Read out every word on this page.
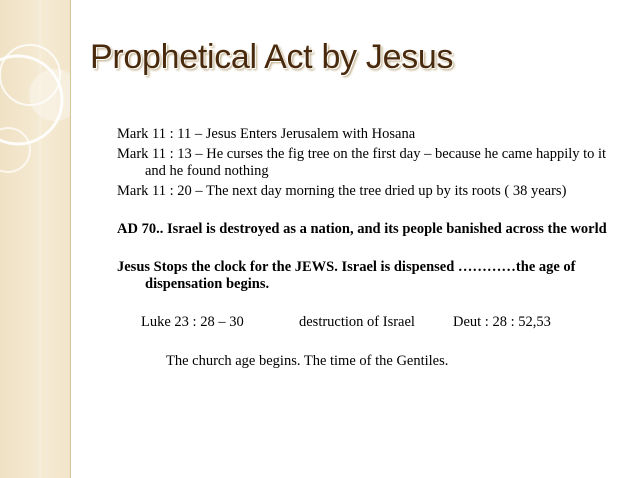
Prophetical Act by Jesus

Mark 11 : 11 – Jesus Enters Jerusalem with Hosana

Mark 11 : 13 – He curses the fig tree on the first day – because he came happily to it and he found nothing

Mark 11 : 20 – The next day morning the tree dried up by its roots ( 38 years)

AD 70.. Israel is destroyed as a nation, and its people banished across the world

Jesus Stops the clock for the JEWS. Israel is dispensed …………the age of dispensation begins.

Luke 23 : 28 – 30	destruction of Israel	Deut : 28 : 52,53
The church age begins. The time of the Gentiles.
